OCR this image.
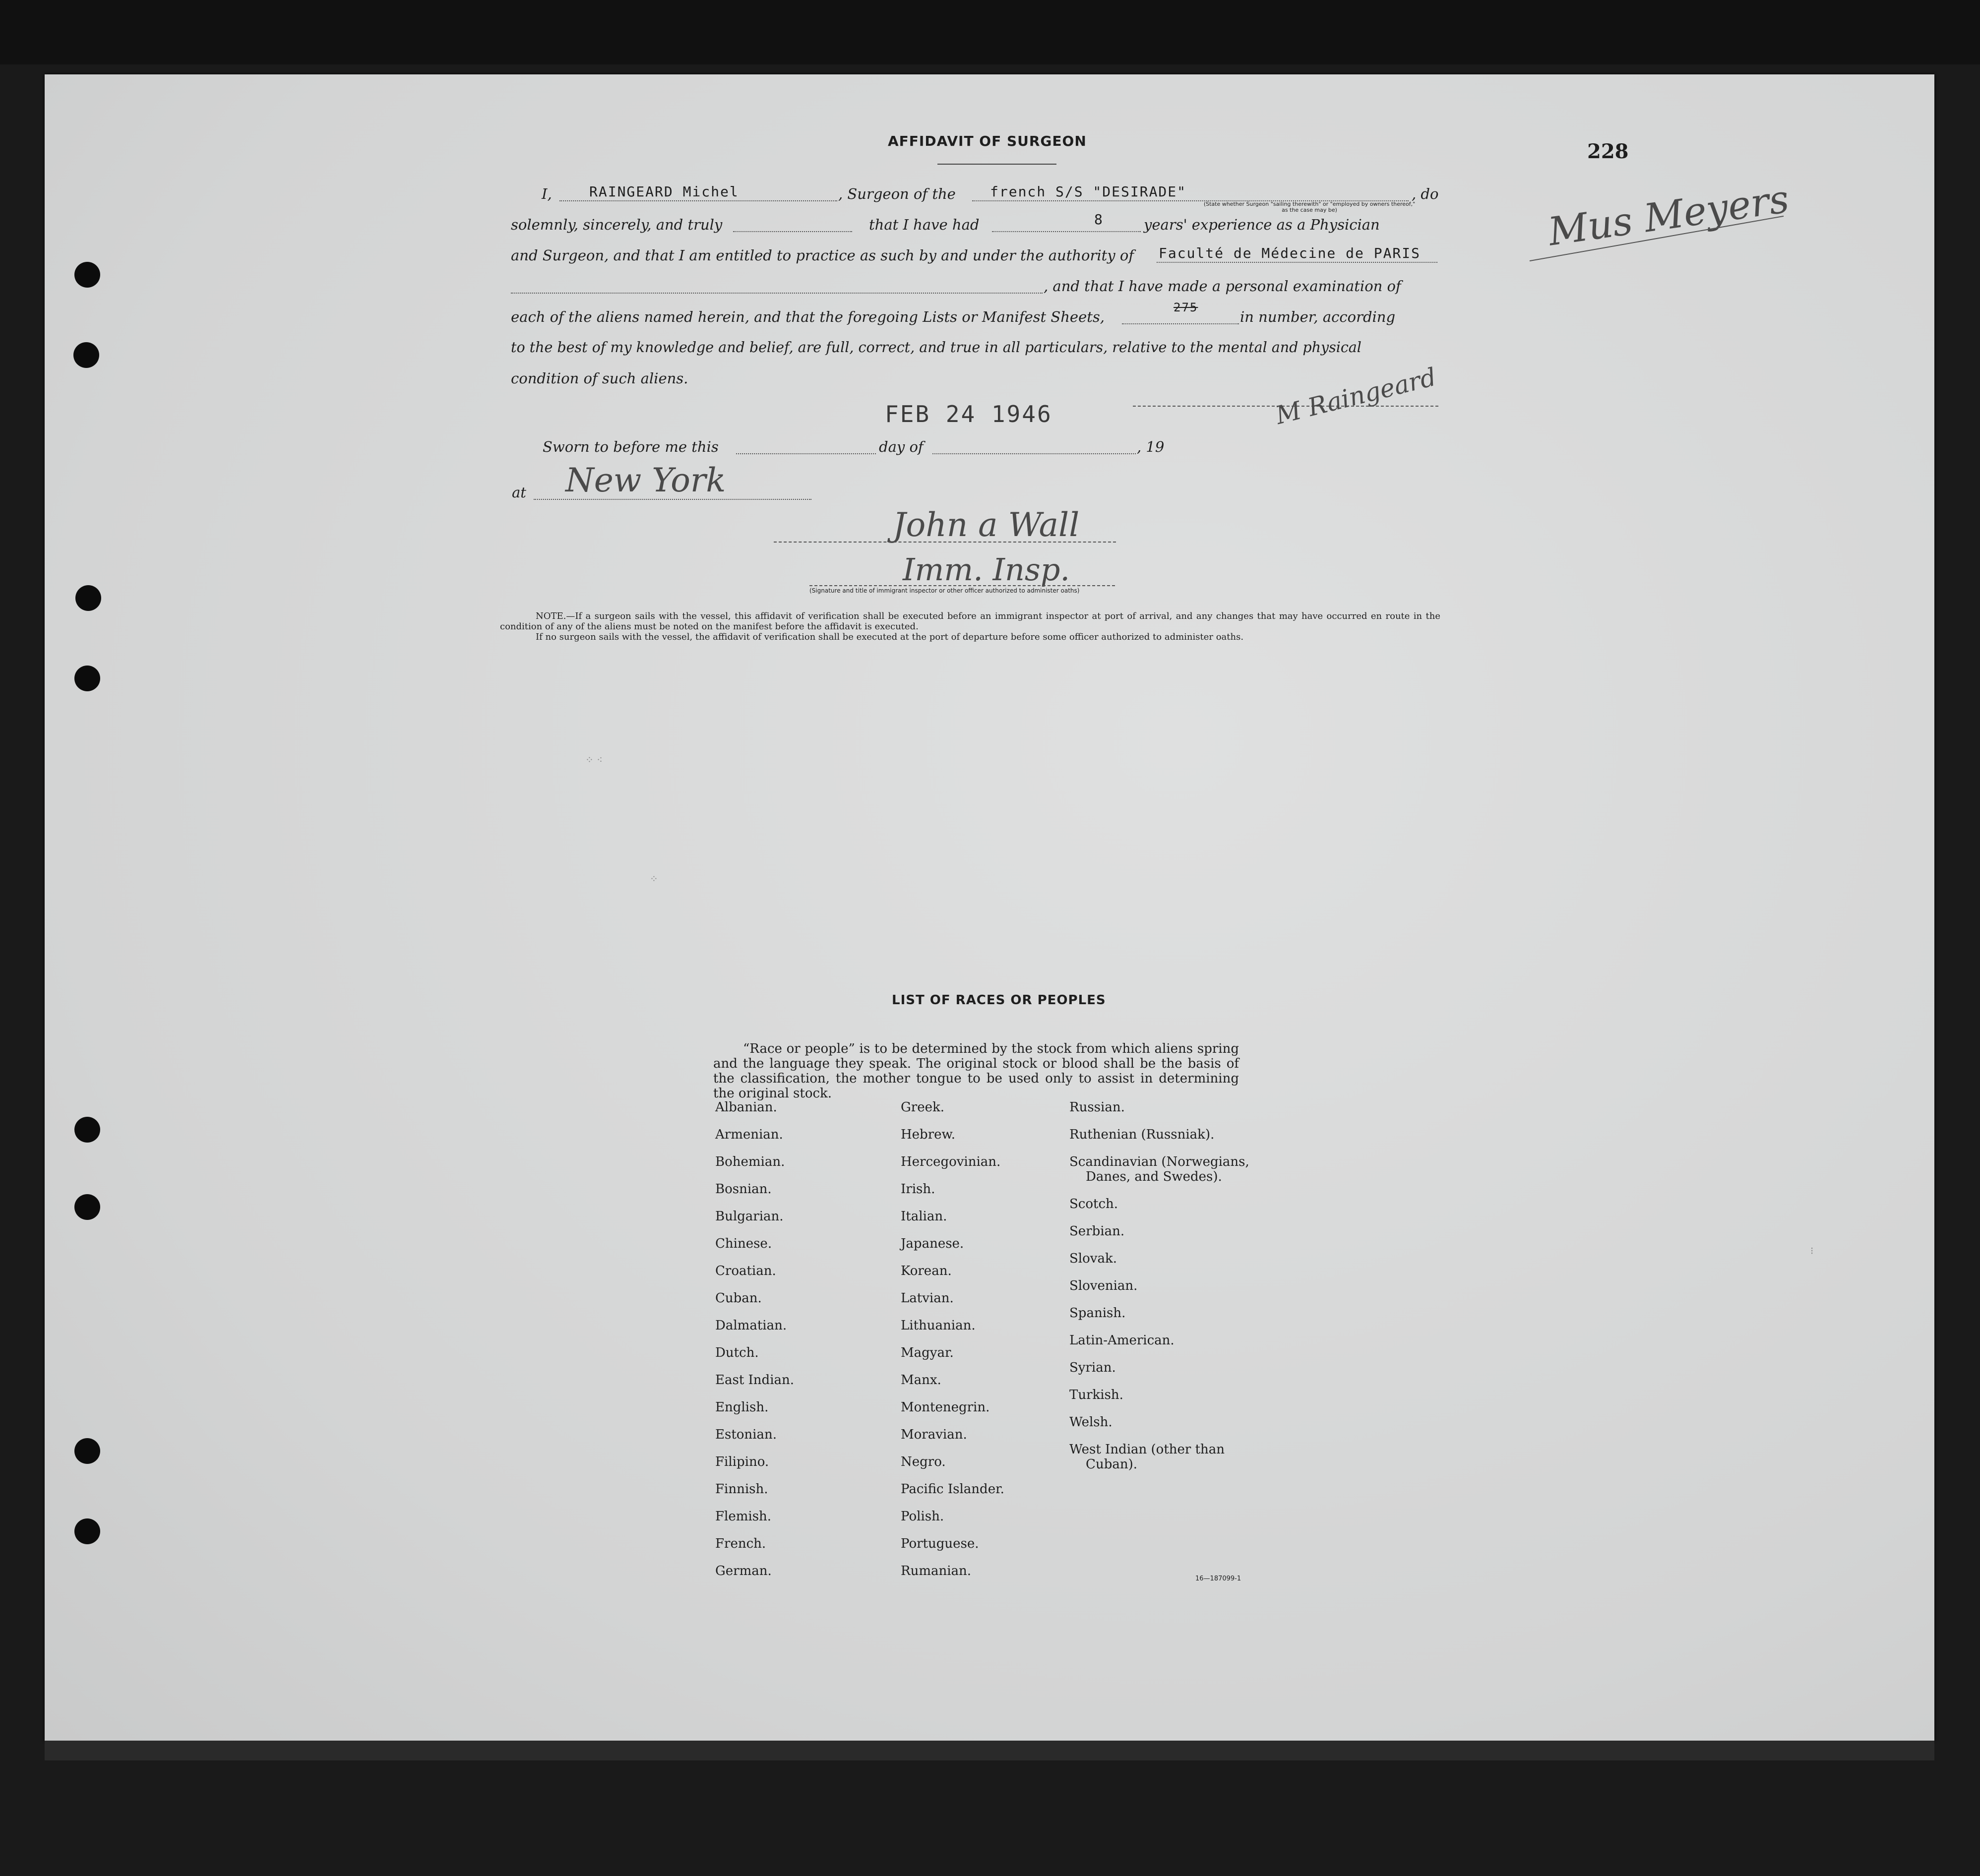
228
Mus Meyers
AFFIDAVIT OF SURGEON
I,	RAINGEARD Michel	, Surgeon of the french S/S "DESIRADE"	, do
(State whether Surgeon "sailing therewith" or "employed by owners thereof," as the case may be)
solemnly, sincerely, and truly	that I have had	8	years' experience as a Physician
and Surgeon, and that I am entitled to practice as such by and under the authority of Faculté de Médecine de PARIS
, and that I have made a personal examination of
each of the aliens named herein, and that the foregoing Lists or Manifest Sheets,
275
in number, according
to the best of my knowledge and belief, are full, correct, and true in all particulars, relative to the mental and physical
condition of such aliens.
FEB 24 1946	M Raingeard
Sworn to before me this	day of	, 19
at New York
John a Wall
Imm. Insp.
(Signature and title of immigrant inspector or other officer authorized to administer oaths)
NOTE.—If a surgeon sails with the vessel, this affidavit of verification shall be executed before an immigrant inspector at port of arrival, and any changes that may have occurred en route in the condition of any of the aliens must be noted on the manifest before the affidavit is executed.
If no surgeon sails with the vessel, the affidavit of verification shall be executed at the port of departure before some officer authorized to administer oaths.
⁘ ⁖
⁘
⁝
LIST OF RACES OR PEOPLES
“Race or people” is to be determined by the stock from which aliens spring and the language they speak. The original stock or blood shall be the basis of the classification, the mother tongue to be used only to assist in determining the original stock.
Albanian.
Armenian.
Bohemian.
Bosnian.
Bulgarian.
Chinese.
Croatian.
Cuban.
Dalmatian.
Dutch.
East Indian.
English.
Estonian.
Filipino.
Finnish.
Flemish.
French.
German.
Greek.
Hebrew.
Hercegovinian.
Irish.
Italian.
Japanese.
Korean.
Latvian.
Lithuanian.
Magyar.
Manx.
Montenegrin.
Moravian.
Negro.
Pacific Islander.
Polish.
Portuguese.
Rumanian.
Russian.
Ruthenian (Russniak).
Scandinavian (Norwegians,
Danes, and Swedes).
Scotch.
Serbian.
Slovak.
Slovenian.
Spanish.
Latin-American.
Syrian.
Turkish.
Welsh.
West Indian (other than
Cuban).
16—187099-1
